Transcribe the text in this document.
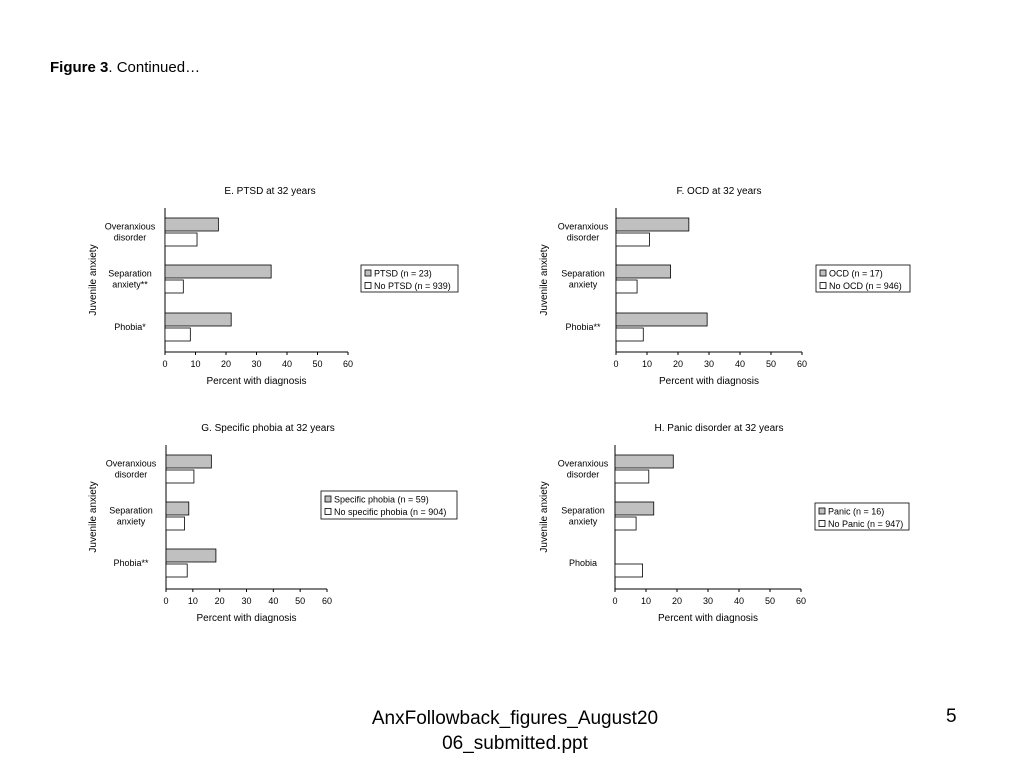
Figure 3. Continued…
E. PTSD at 32 years
Juvenile anxiety
0	10 20 30 40 50 60
Percent with diagnosis
Overanxious
disorder
Separation
anxiety**
Phobia*
PTSD (n = 23)
No PTSD (n = 939)
F. OCD at 32 years
Juvenile anxiety
0	10 20 30 40 50 60
Percent with diagnosis
Overanxious
disorder
Separation
anxiety
Phobia**
OCD (n = 17)
No OCD (n = 946)
G. Specific phobia at 32 years
Juvenile anxiety
0 10 20 30 40 50 60
Percent with diagnosis
Overanxious
disorder
Separation
anxiety
Phobia**
Specific phobia (n = 59)
No specific phobia (n = 904)
H. Panic disorder at 32 years
Juvenile anxiety
0	10 20 30 40 50 60
Percent with diagnosis
Overanxious
disorder
Separation
anxiety
Phobia
Panic (n = 16)
No Panic (n = 947)
AnxFollowback_figures_August20
06_submitted.ppt
5
